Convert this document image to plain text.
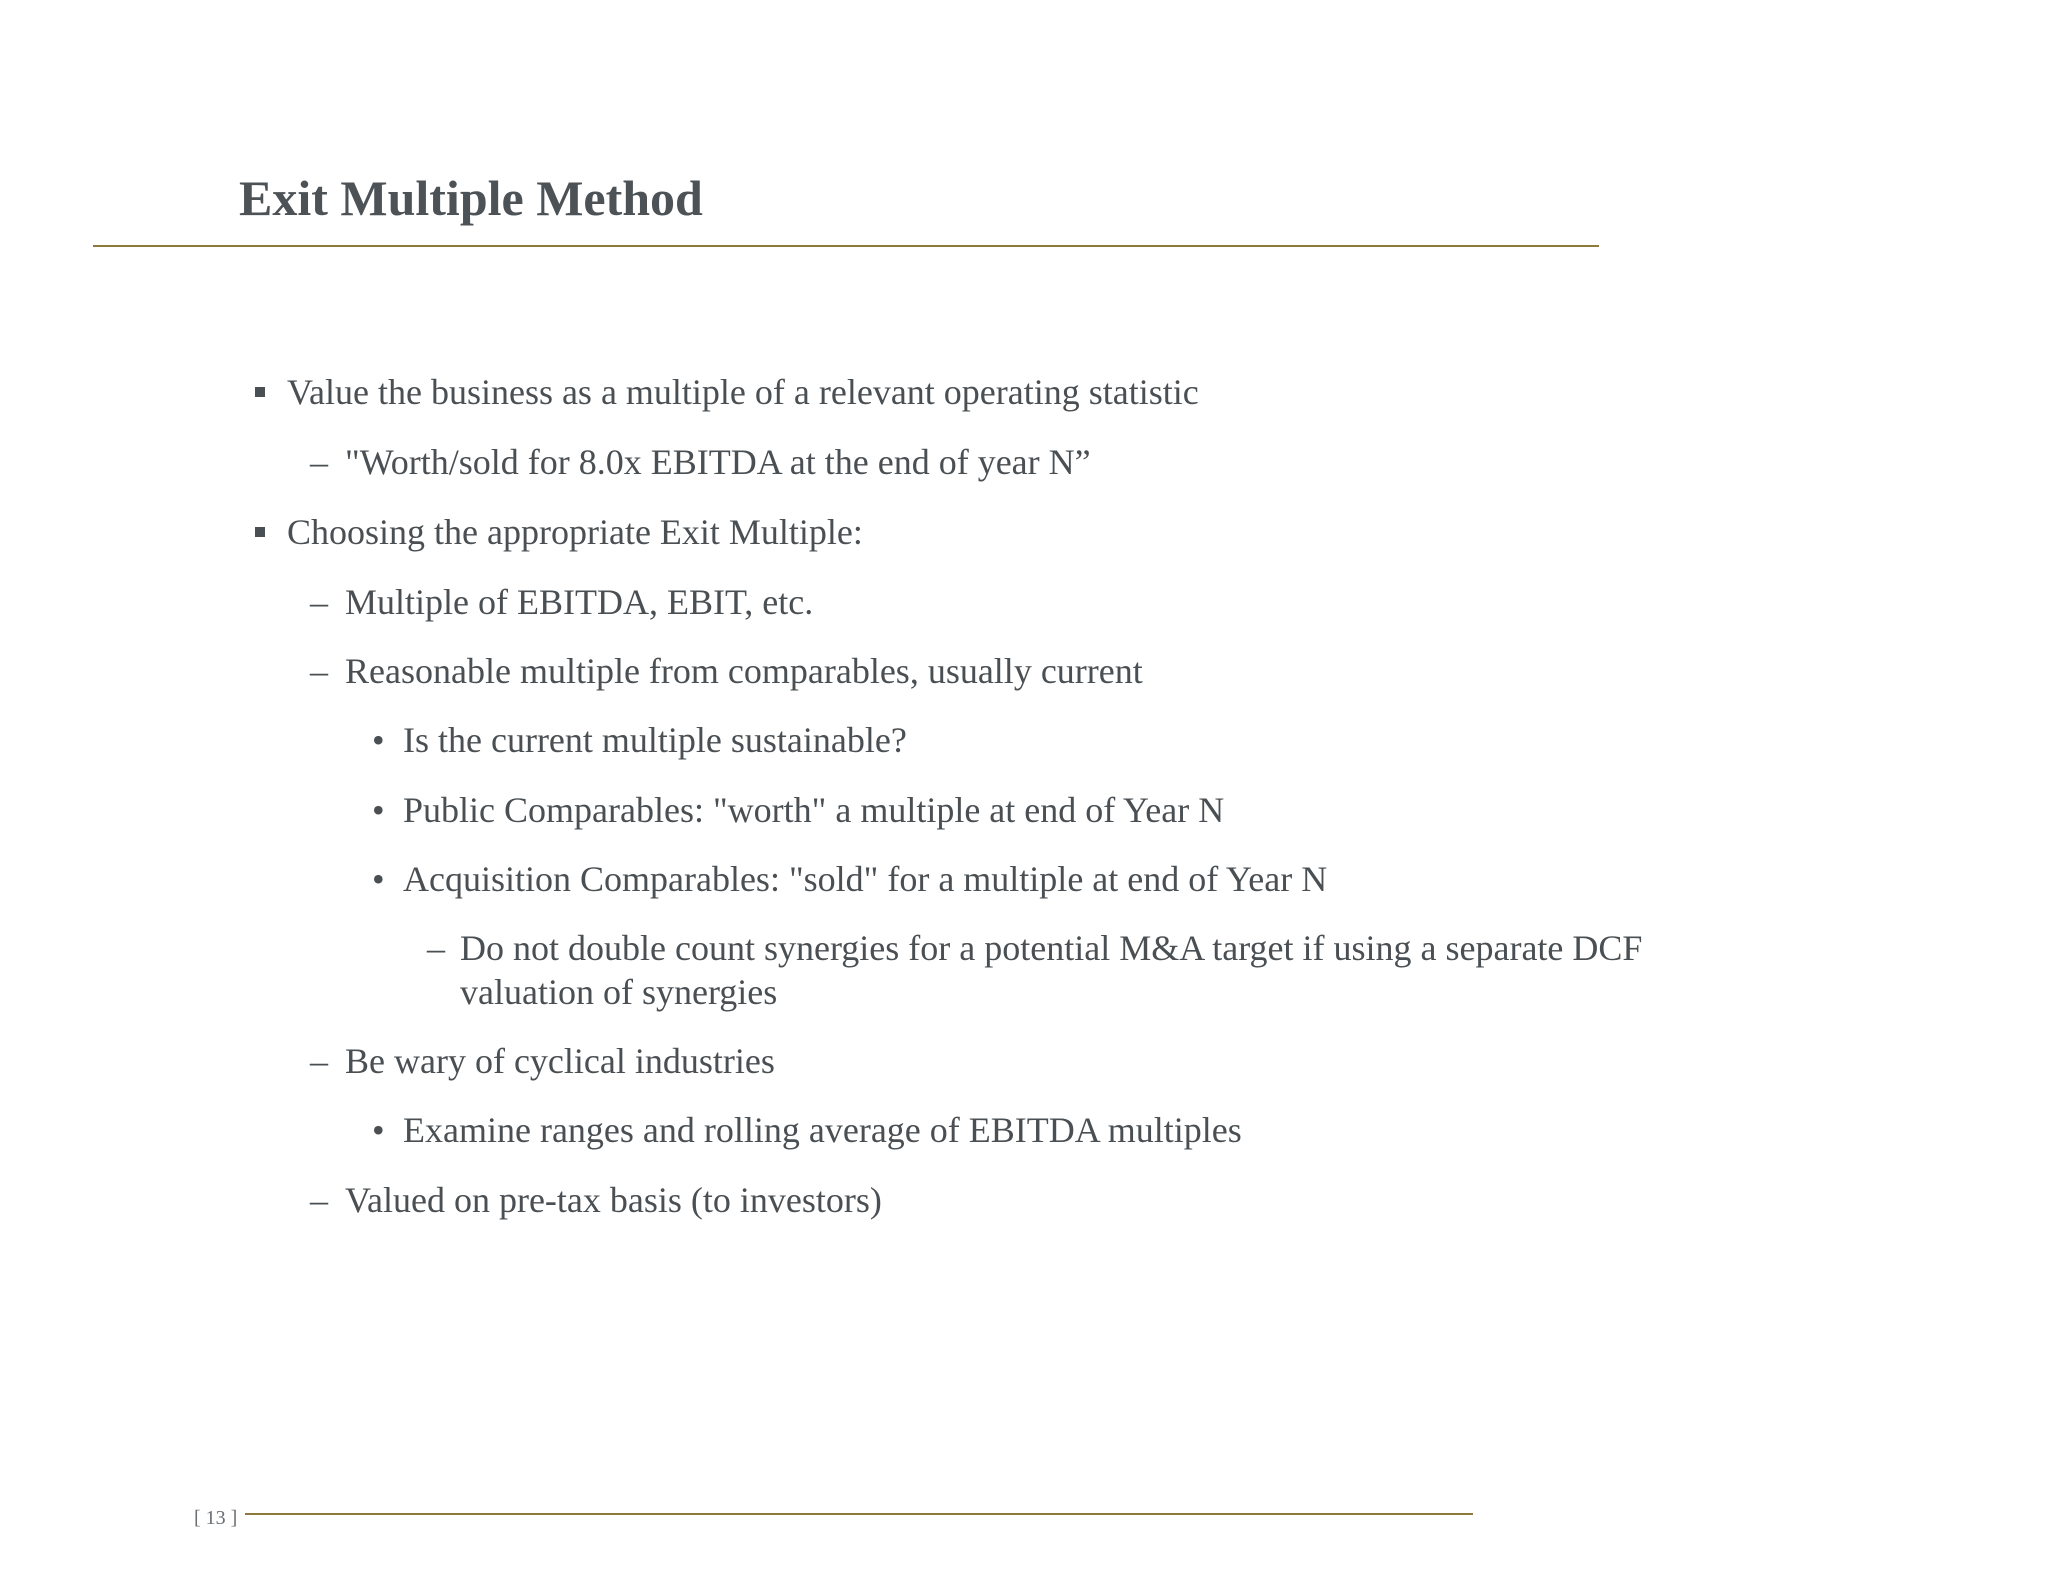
Exit Multiple Method
Value the business as a multiple of a relevant operating statistic
– "Worth/sold for 8.0x EBITDA at the end of year N”
Choosing the appropriate Exit Multiple:
– Multiple of EBITDA, EBIT, etc.
– Reasonable multiple from comparables, usually current
• Is the current multiple sustainable?
• Public Comparables: "worth" a multiple at end of Year N
• Acquisition Comparables: "sold" for a multiple at end of Year N
– Do not double count synergies for a potential M&A target if using a separate DCF
valuation of synergies
– Be wary of cyclical industries
• Examine ranges and rolling average of EBITDA multiples
– Valued on pre-tax basis (to investors)
[ 13 ]
